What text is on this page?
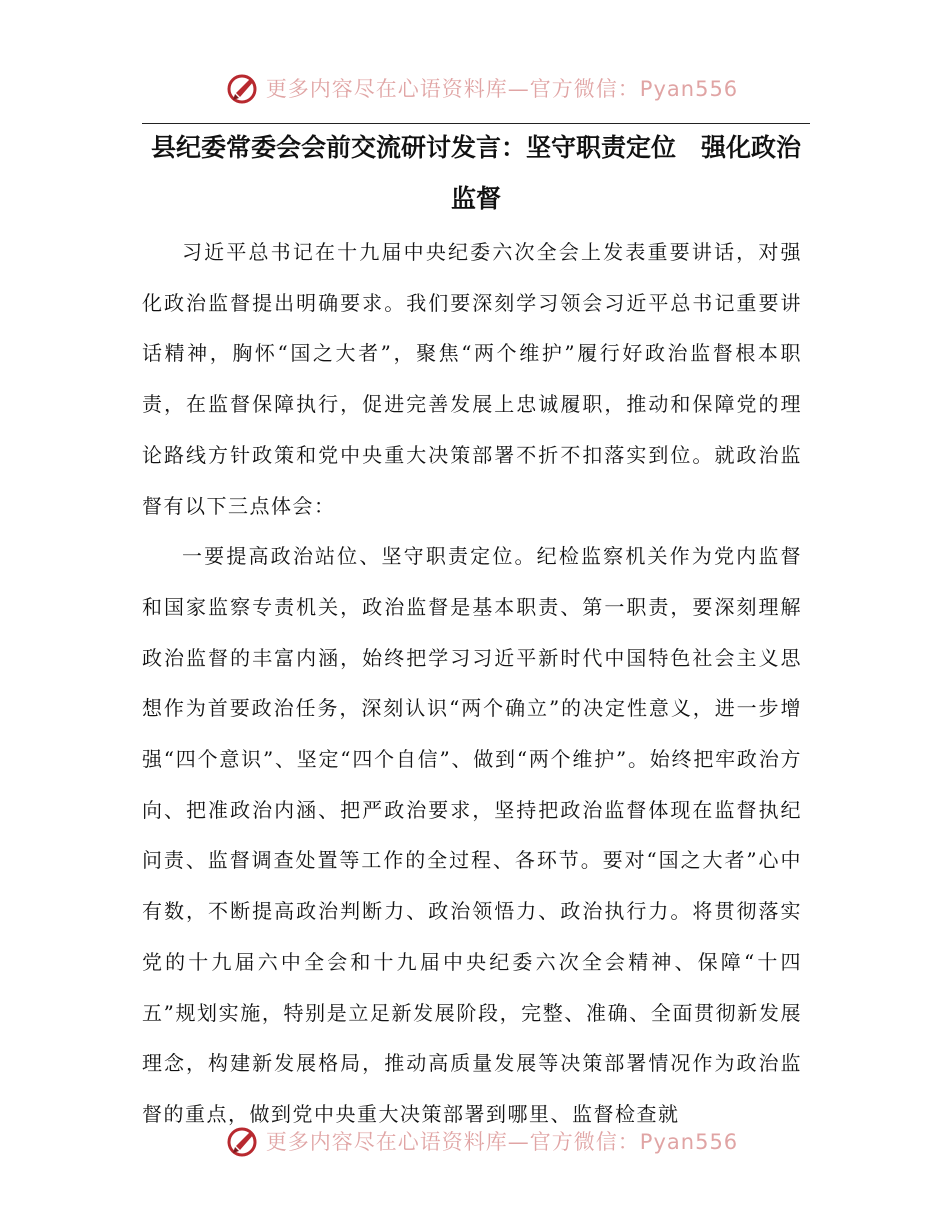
更多内容尽在心语资料库—官方微信：Pyan556
县纪委常委会会前交流研讨发言：坚守职责定位　强化政治监督

习近平总书记在十九届中央纪委六次全会上发表重要讲话，对强化政治监督提出明确要求。我们要深刻学习领会习近平总书记重要讲话精神，胸怀“国之大者”，聚焦“两个维护”履行好政治监督根本职责，在监督保障执行，促进完善发展上忠诚履职，推动和保障党的理论路线方针政策和党中央重大决策部署不折不扣落实到位。就政治监督有以下三点体会：

一要提高政治站位、坚守职责定位。纪检监察机关作为党内监督和国家监察专责机关，政治监督是基本职责、第一职责，要深刻理解政治监督的丰富内涵，始终把学习习近平新时代中国特色社会主义思想作为首要政治任务，深刻认识“两个确立”的决定性意义，进一步增强“四个意识”、坚定“四个自信”、做到“两个维护”。始终把牢政治方向、把准政治内涵、把严政治要求，坚持把政治监督体现在监督执纪问责、监督调查处置等工作的全过程、各环节。要对“国之大者”心中有数，不断提高政治判断力、政治领悟力、政治执行力。将贯彻落实党的十九届六中全会和十九届中央纪委六次全会精神、保障“十四五”规划实施，特别是立足新发展阶段，完整、准确、全面贯彻新发展理念，构建新发展格局，推动高质量发展等决策部署情况作为政治监督的重点，做到党中央重大决策部署到哪里、监督检查就

更多内容尽在心语资料库—官方微信：Pyan556
